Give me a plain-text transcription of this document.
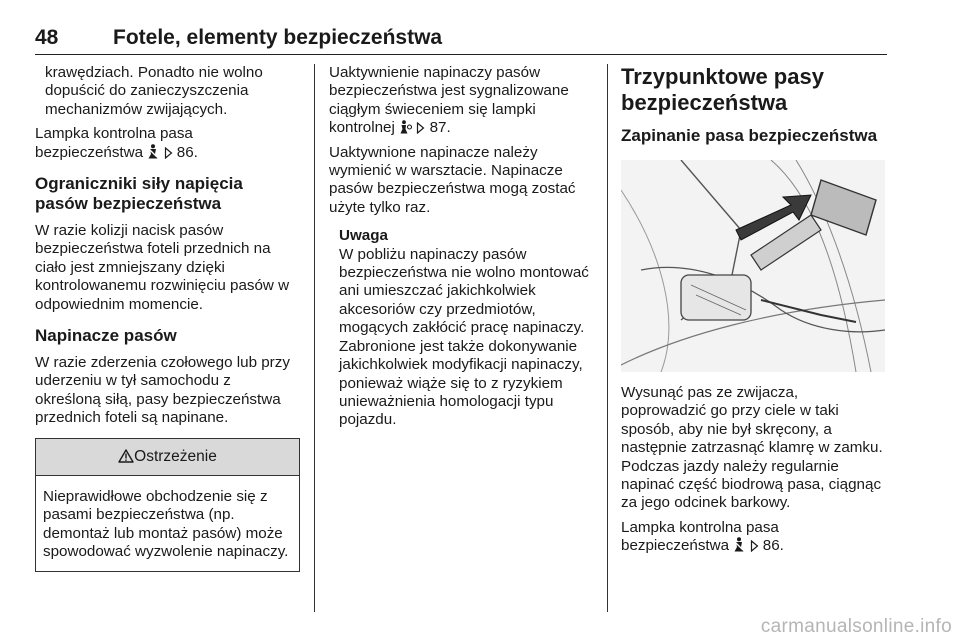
48	Fotele, elementy bezpieczeństwa

krawędziach. Ponadto nie wolno dopuścić do zanieczyszczenia mechanizmów zwijających.

Lampka kontrolna pasa bezpieczeństwa 86.

Ograniczniki siły napięcia pasów bezpieczeństwa

W razie kolizji nacisk pasów bezpieczeństwa foteli przednich na ciało jest zmniejszany dzięki kontrolowanemu rozwinięciu pasów w odpowiednim momencie.

Napinacze pasów

W razie zderzenia czołowego lub przy uderzeniu w tył samochodu z określoną siłą, pasy bezpieczeństwa przednich foteli są napinane.

Ostrzeżenie

Nieprawidłowe obchodzenie się z pasami bezpieczeństwa (np. demontaż lub montaż pasów) może spowodować wyzwolenie napinaczy.

Uaktywnienie napinaczy pasów bezpieczeństwa jest sygnalizowane ciągłym świeceniem się lampki kontrolnej 87.

Uaktywnione napinacze należy wymienić w warsztacie. Napinacze pasów bezpieczeństwa mogą zostać użyte tylko raz.

Uwaga

W pobliżu napinaczy pasów bezpieczeństwa nie wolno montować ani umieszczać jakichkolwiek akcesoriów czy przedmiotów, mogących zakłócić pracę napinaczy. Zabronione jest także dokonywanie jakichkolwiek modyfikacji napinaczy, ponieważ wiąże się to z ryzykiem unieważnienia homologacji typu pojazdu.

Trzypunktowe pasy bezpieczeństwa
Zapinanie pasa bezpieczeństwa

Wysunąć pas ze zwijacza, poprowadzić go przy ciele w taki sposób, aby nie był skręcony, a następnie zatrzasnąć klamrę w zamku. Podczas jazdy należy regularnie napinać część biodrową pasa, ciągnąc za jego odcinek barkowy.

Lampka kontrolna pasa bezpieczeństwa 86.

carmanualsonline.info
